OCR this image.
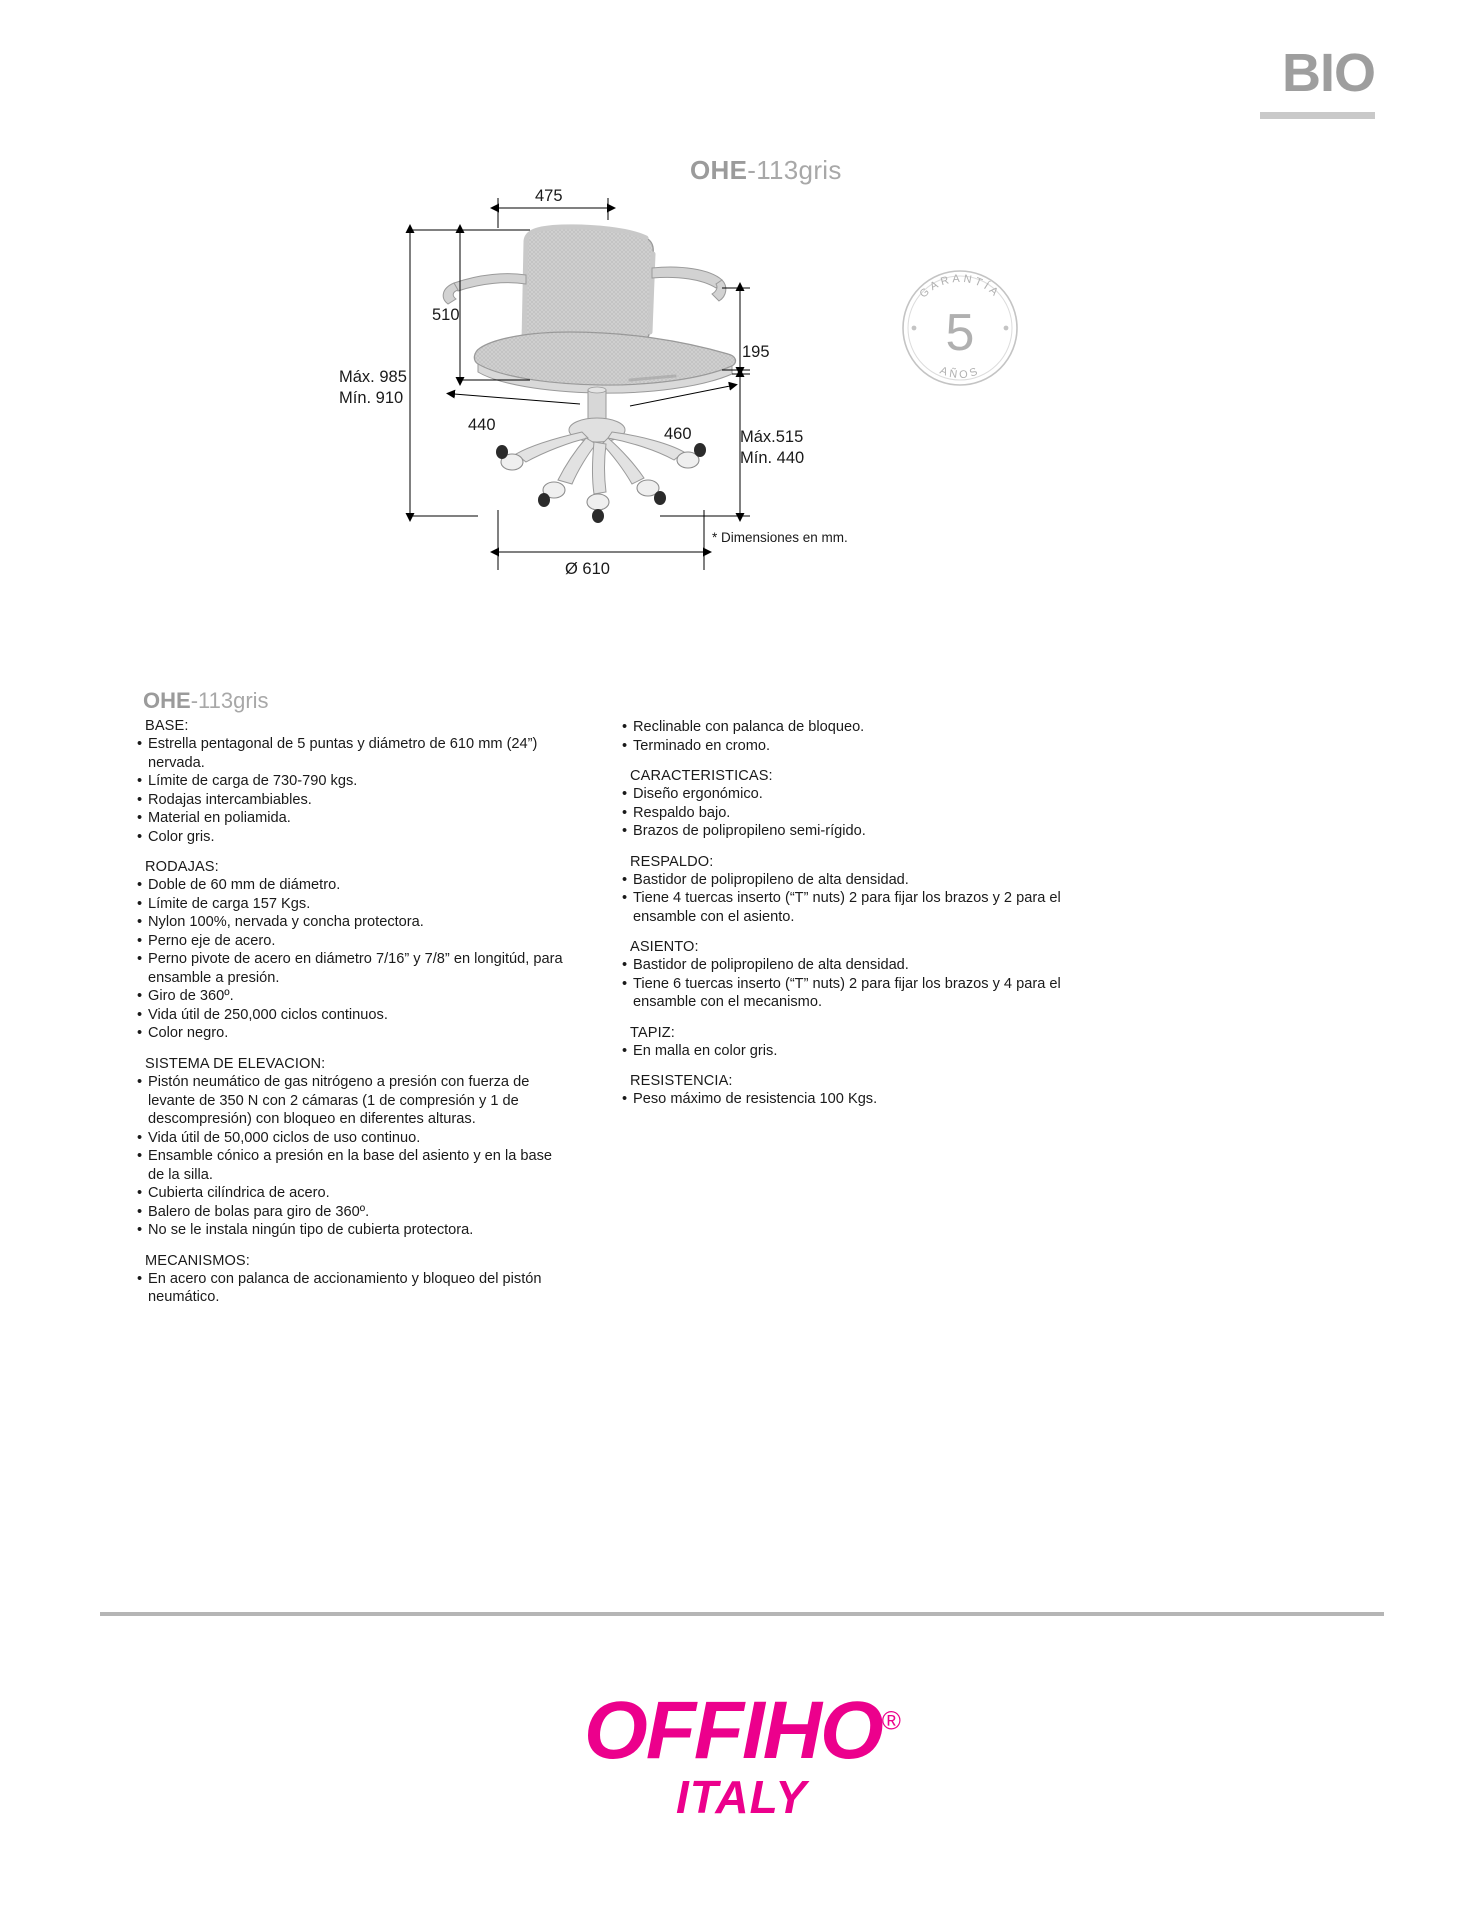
BIO
OHE-113gris
475
510
Máx. 985
Mín. 910
440	460
195
Máx.515
Mín. 440
Ø 610
* Dimensiones en mm.
GARANTÍA
AÑOS
5
OHE-113gris
BASE:
• Estrella pentagonal de 5 puntas y diámetro de 610 mm (24”) nervada.
• Límite de carga de 730-790 kgs.
• Rodajas intercambiables.
• Material en poliamida.
• Color gris.
RODAJAS:
• Doble de 60 mm de diámetro.
• Límite de carga 157 Kgs.
• Nylon 100%, nervada y concha protectora.
• Perno eje de acero.
• Perno pivote de acero en diámetro 7/16” y 7/8” en longitúd, para ensamble a presión.
• Giro de 360º.
• Vida útil de 250,000 ciclos continuos.
• Color negro.
SISTEMA DE ELEVACION:
• Pistón neumático de gas nitrógeno a presión con fuerza de levante de 350 N con 2 cámaras (1 de compresión y 1 de descompresión) con bloqueo en diferentes alturas.
• Vida útil de 50,000 ciclos de uso continuo.
• Ensamble cónico a presión en la base del asiento y en la base de la silla.
• Cubierta cilíndrica de acero.
• Balero de bolas para giro de 360º.
• No se le instala ningún tipo de cubierta protectora.
MECANISMOS:
• En acero con palanca de accionamiento y bloqueo del pistón neumático.
• Reclinable con palanca de bloqueo.
• Terminado en cromo.
CARACTERISTICAS:
• Diseño ergonómico.
• Respaldo bajo.
• Brazos de polipropileno semi-rígido.
RESPALDO:
• Bastidor de polipropileno de alta densidad.
• Tiene 4 tuercas inserto (“T” nuts) 2 para fijar los brazos y 2 para el ensamble con el asiento.
ASIENTO:
• Bastidor de polipropileno de alta densidad.
• Tiene 6 tuercas inserto (“T” nuts) 2 para fijar los brazos y 4 para el ensamble con el mecanismo.
TAPIZ:
• En malla en color gris.
RESISTENCIA:
• Peso máximo de resistencia 100 Kgs.
OFFIHO®
ITALY
